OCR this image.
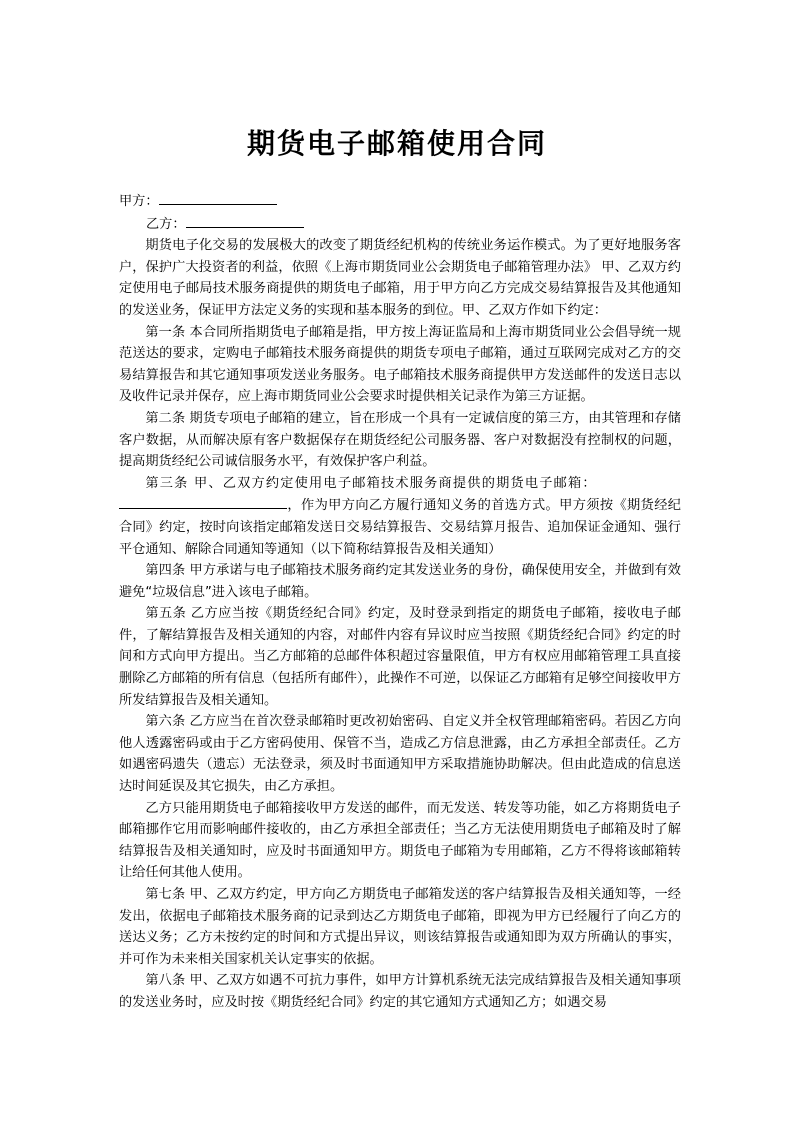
期货电子邮箱使用合同
甲方：
乙方：

期货电子化交易的发展极大的改变了期货经纪机构的传统业务运作模式。为了更好地服务客户，保护广大投资者的利益，依照《上海市期货同业公会期货电子邮箱管理办法》 甲、乙双方约定使用电子邮局技术服务商提供的期货电子邮箱，用于甲方向乙方完成交易结算报告及其他通知的发送业务，保证甲方法定义务的实现和基本服务的到位。甲、乙双方作如下约定：

第一条 本合同所指期货电子邮箱是指，甲方按上海证监局和上海市期货同业公会倡导统一规范送达的要求，定购电子邮箱技术服务商提供的期货专项电子邮箱，通过互联网完成对乙方的交易结算报告和其它通知事项发送业务服务。电子邮箱技术服务商提供甲方发送邮件的发送日志以及收件记录并保存，应上海市期货同业公会要求时提供相关记录作为第三方证据。

第二条 期货专项电子邮箱的建立，旨在形成一个具有一定诚信度的第三方，由其管理和存储客户数据，从而解决原有客户数据保存在期货经纪公司服务器、客户对数据没有控制权的问题，提高期货经纪公司诚信服务水平，有效保护客户利益。

第三条 甲、乙双方约定使用电子邮箱技术服务商提供的期货电子邮箱：

，作为甲方向乙方履行通知义务的首选方式。甲方须按《期货经纪合同》约定，按时向该指定邮箱发送日交易结算报告、交易结算月报告、追加保证金通知、强行平仓通知、解除合同通知等通知（以下简称结算报告及相关通知）

第四条 甲方承诺与电子邮箱技术服务商约定其发送业务的身份，确保使用安全，并做到有效避免“垃圾信息”进入该电子邮箱。

第五条 乙方应当按《期货经纪合同》约定，及时登录到指定的期货电子邮箱，接收电子邮件，了解结算报告及相关通知的内容，对邮件内容有异议时应当按照《期货经纪合同》约定的时间和方式向甲方提出。当乙方邮箱的总邮件体积超过容量限值，甲方有权应用邮箱管理工具直接删除乙方邮箱的所有信息（包括所有邮件），此操作不可逆，以保证乙方邮箱有足够空间接收甲方所发结算报告及相关通知。

第六条 乙方应当在首次登录邮箱时更改初始密码、自定义并全权管理邮箱密码。若因乙方向他人透露密码或由于乙方密码使用、保管不当，造成乙方信息泄露，由乙方承担全部责任。乙方如遇密码遗失（遗忘）无法登录，须及时书面通知甲方采取措施协助解决。但由此造成的信息送达时间延误及其它损失，由乙方承担。

乙方只能用期货电子邮箱接收甲方发送的邮件，而无发送、转发等功能，如乙方将期货电子邮箱挪作它用而影响邮件接收的，由乙方承担全部责任；当乙方无法使用期货电子邮箱及时了解结算报告及相关通知时，应及时书面通知甲方。期货电子邮箱为专用邮箱，乙方不得将该邮箱转让给任何其他人使用。

第七条 甲、乙双方约定，甲方向乙方期货电子邮箱发送的客户结算报告及相关通知等，一经发出，依据电子邮箱技术服务商的记录到达乙方期货电子邮箱，即视为甲方已经履行了向乙方的送达义务；乙方未按约定的时间和方式提出异议，则该结算报告或通知即为双方所确认的事实，并可作为未来相关国家机关认定事实的依据。

第八条 甲、乙双方如遇不可抗力事件，如甲方计算机系统无法完成结算报告及相关通知事项的发送业务时，应及时按《期货经纪合同》约定的其它通知方式通知乙方；如遇交易
